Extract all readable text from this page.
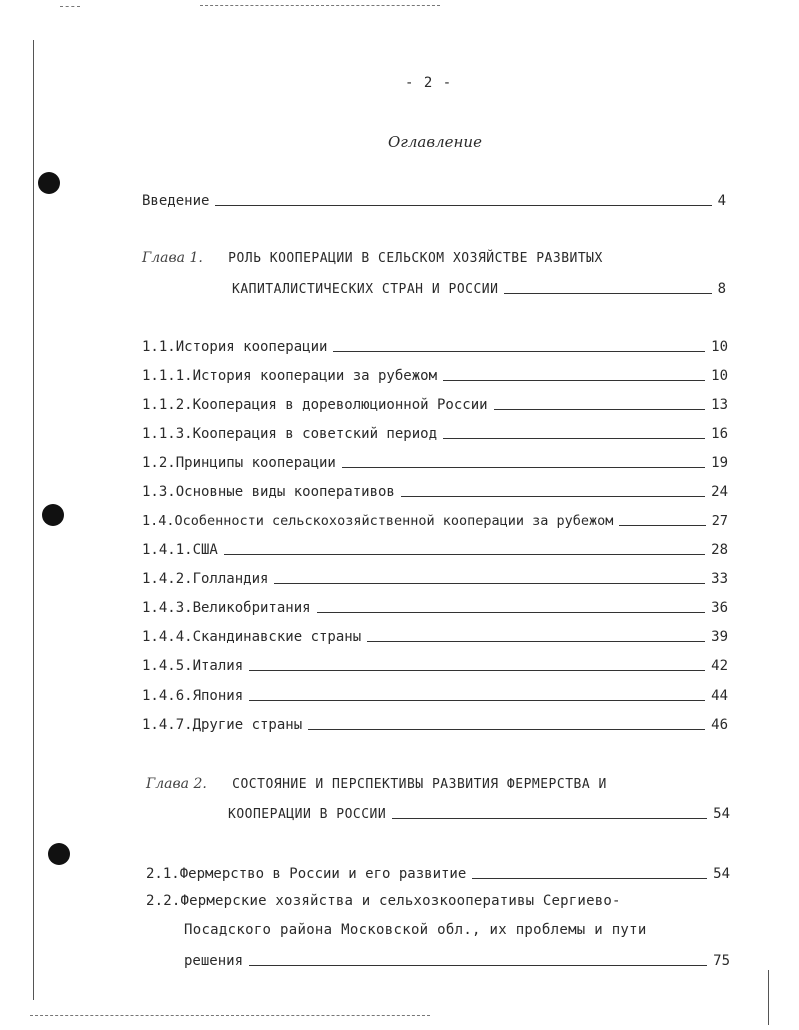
- 2 -
Оглавление
Введение	4
Глава 1. РОЛЬ КООПЕРАЦИИ В СЕЛЬСКОМ ХОЗЯЙСТВЕ РАЗВИТЫХ
КАПИТАЛИСТИЧЕСКИХ СТРАН И РОССИИ	8
1.1.История кооперации	10
1.1.1.История кооперации за рубежом	10
1.1.2.Кооперация в дореволюционной России	13
1.1.3.Кооперация в советский период	16
1.2.Принципы кооперации	19
1.3.Основные виды кооперативов	24
1.4.Особенности сельскохозяйственной кооперации за рубежом	27
1.4.1.США	28
1.4.2.Голландия	33
1.4.3.Великобритания	36
1.4.4.Скандинавские страны	39
1.4.5.Италия	42
1.4.6.Япония	44
1.4.7.Другие страны	46
Глава 2. СОСТОЯНИЕ И ПЕРСПЕКТИВЫ РАЗВИТИЯ ФЕРМЕРСТВА И
КООПЕРАЦИИ В РОССИИ	54
2.1.Фермерство в России и его развитие	54
2.2.Фермерские хозяйства и сельхозкооперативы Сергиево-
Посадского района Московской обл., их проблемы и пути
решения	75
